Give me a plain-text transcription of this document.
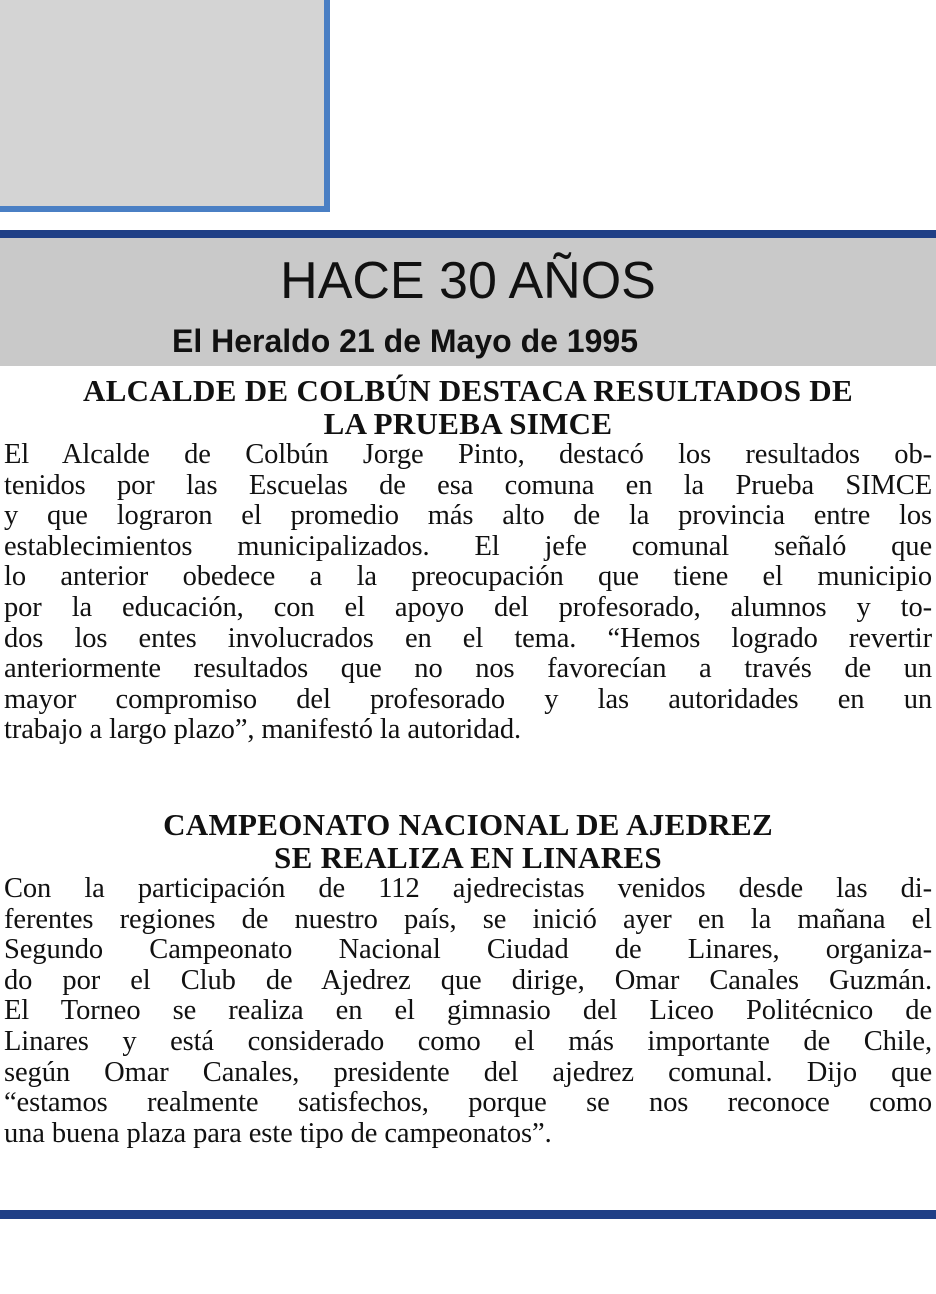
HACE 30 AÑOS
El Heraldo 21 de Mayo de 1995
ALCALDE DE COLBÚN DESTACA RESULTADOS DE
LA PRUEBA SIMCE
El Alcalde de Colbún Jorge Pinto, destacó los resultados ob-
tenidos por las Escuelas de esa comuna en la Prueba SIMCE
y que lograron el promedio más alto de la provincia entre los
establecimientos municipalizados. El jefe comunal señaló que
lo anterior obedece a la preocupación que tiene el municipio
por la educación, con el apoyo del profesorado, alumnos y to-
dos los entes involucrados en el tema. “Hemos logrado revertir
anteriormente resultados que no nos favorecían a través de un
mayor compromiso del profesorado y las autoridades en un
trabajo a largo plazo”, manifestó la autoridad.
CAMPEONATO NACIONAL DE AJEDREZ
SE REALIZA EN LINARES
Con la participación de 112 ajedrecistas venidos desde las di-
ferentes regiones de nuestro país, se inició ayer en la mañana el
Segundo Campeonato Nacional Ciudad de Linares, organiza-
do por el Club de Ajedrez que dirige, Omar Canales Guzmán.
El Torneo se realiza en el gimnasio del Liceo Politécnico de
Linares y está considerado como el más importante de Chile,
según Omar Canales, presidente del ajedrez comunal. Dijo que
“estamos realmente satisfechos, porque se nos reconoce como
una buena plaza para este tipo de campeonatos”.
